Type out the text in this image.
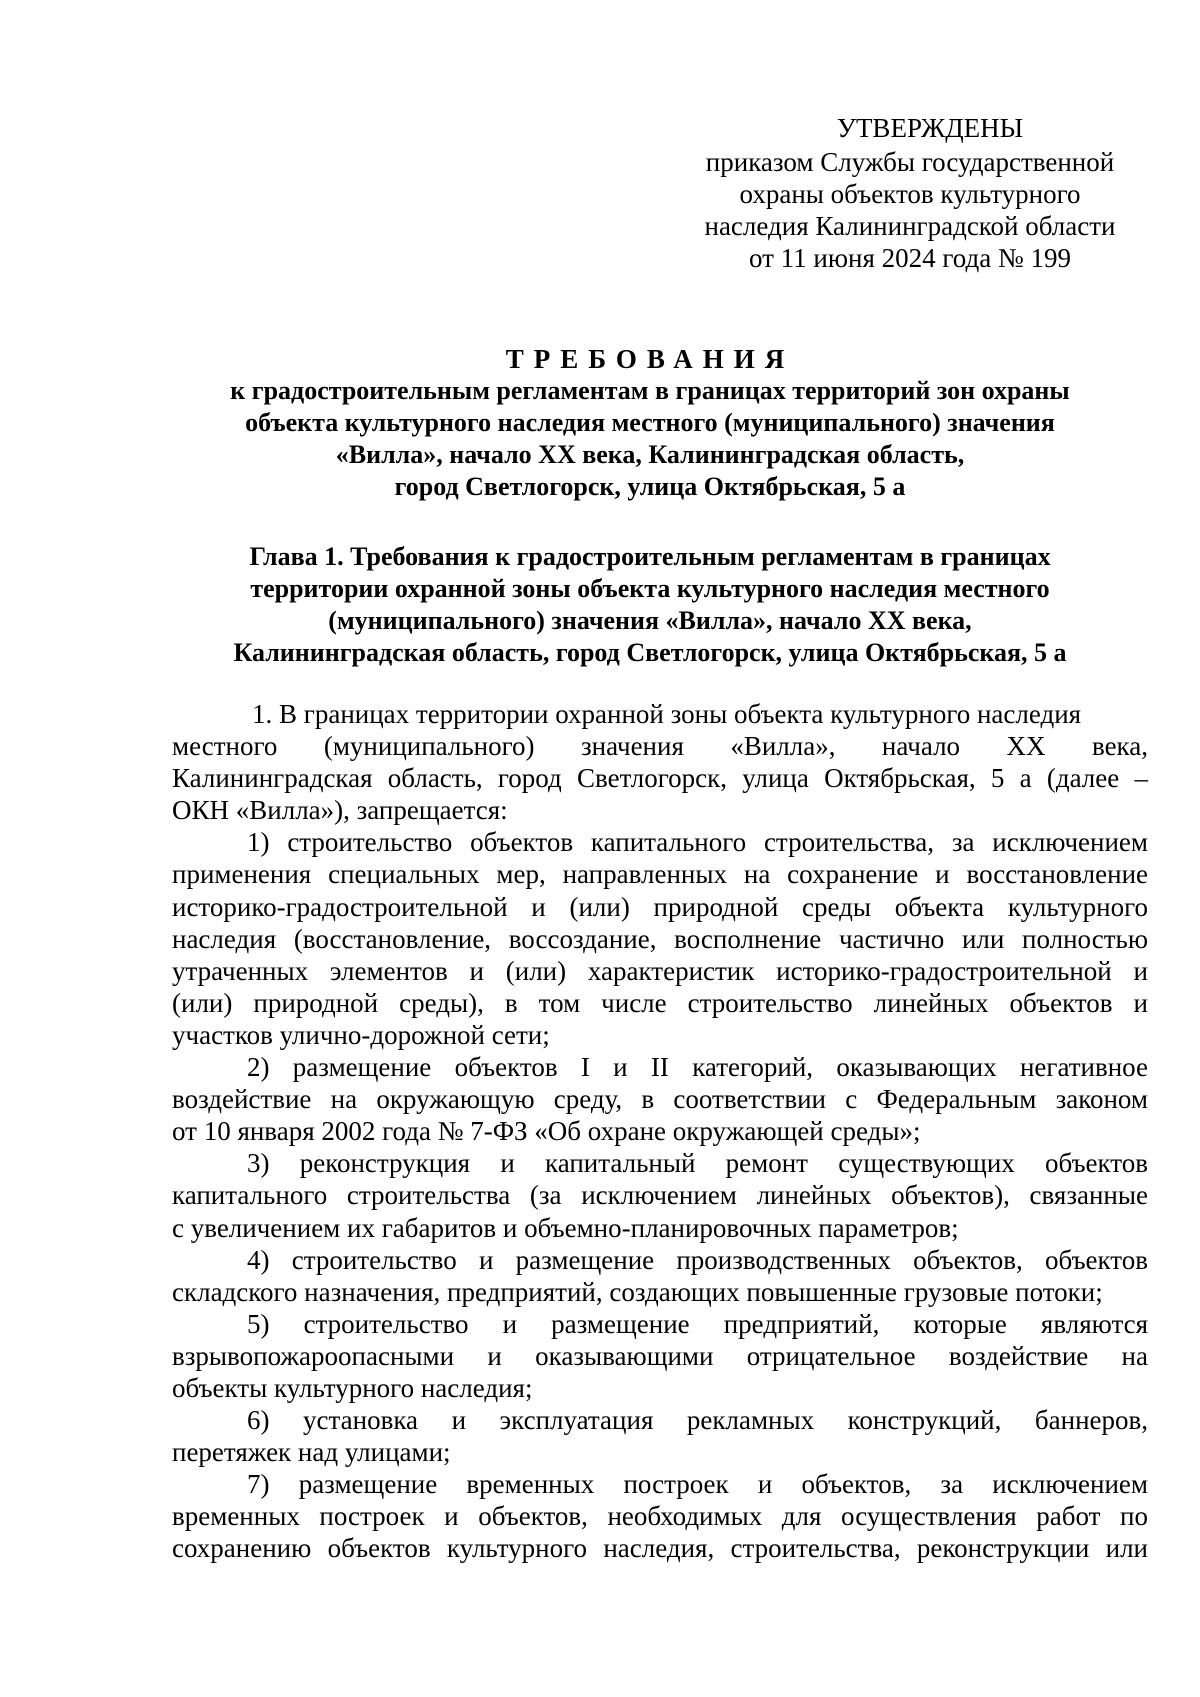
УТВЕРЖДЕНЫ
приказом Службы государственной
охраны объектов культурного
наследия Калининградской области
от 11 июня 2024 года № 199
ТРЕБОВАНИЯ
к градостроительным регламентам в границах территорий зон охраны
объекта культурного наследия местного (муниципального) значения
«Вилла», начало XX века, Калининградская область,
город Светлогорск, улица Октябрьская, 5 а
Глава 1. Требования к градостроительным регламентам в границах
территории охранной зоны объекта культурного наследия местного
(муниципального) значения «Вилла», начало XX века,
Калининградская область, город Светлогорск, улица Октябрьская, 5 а
1. В границах территории охранной зоны объекта культурного наследия
местного (муниципального) значения «Вилла», начало XX века,
Калининградская область, город Светлогорск, улица Октябрьская, 5 а (далее –
ОКН «Вилла»), запрещается:
1) строительство объектов капитального строительства, за исключением
применения специальных мер, направленных на сохранение и восстановление
историко-градостроительной и (или) природной среды объекта культурного
наследия (восстановление, воссоздание, восполнение частично или полностью
утраченных элементов и (или) характеристик историко-градостроительной и
(или) природной среды), в том числе строительство линейных объектов и
участков улично-дорожной сети;
2) размещение объектов I и II категорий, оказывающих негативное
воздействие на окружающую среду, в соответствии с Федеральным законом
от 10 января 2002 года № 7-ФЗ «Об охране окружающей среды»;
3) реконструкция и капитальный ремонт существующих объектов
капитального строительства (за исключением линейных объектов), связанные
с увеличением их габаритов и объемно-планировочных параметров;
4) строительство и размещение производственных объектов, объектов
складского назначения, предприятий, создающих повышенные грузовые потоки;
5) строительство и размещение предприятий, которые являются
взрывопожароопасными и оказывающими отрицательное воздействие на
объекты культурного наследия;
6) установка и эксплуатация рекламных конструкций, баннеров,
перетяжек над улицами;
7) размещение временных построек и объектов, за исключением
временных построек и объектов, необходимых для осуществления работ по
сохранению объектов культурного наследия, строительства, реконструкции или
